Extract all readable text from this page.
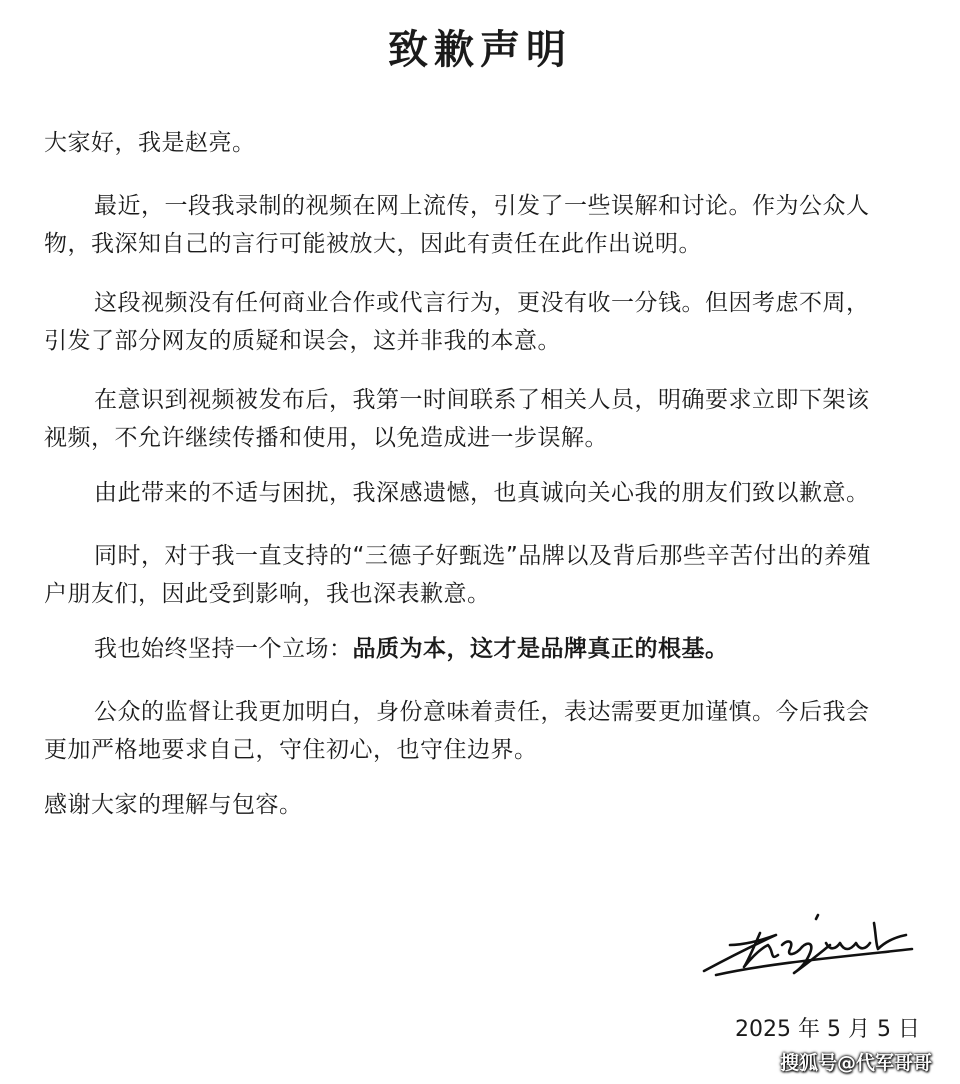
致歉声明
大家好，我是赵亮。
最近，一段我录制的视频在网上流传，引发了一些误解和讨论。作为公众人
物，我深知自己的言行可能被放大，因此有责任在此作出说明。
这段视频没有任何商业合作或代言行为，更没有收一分钱。但因考虑不周，
引发了部分网友的质疑和误会，这并非我的本意。
在意识到视频被发布后，我第一时间联系了相关人员，明确要求立即下架该
视频，不允许继续传播和使用，以免造成进一步误解。
由此带来的不适与困扰，我深感遗憾，也真诚向关心我的朋友们致以歉意。
同时，对于我一直支持的“三德子好甄选”品牌以及背后那些辛苦付出的养殖
户朋友们，因此受到影响，我也深表歉意。
我也始终坚持一个立场：品质为本，这才是品牌真正的根基。
公众的监督让我更加明白，身份意味着责任，表达需要更加谨慎。今后我会
更加严格地要求自己，守住初心，也守住边界。
感谢大家的理解与包容。
2025 年 5 月 5 日
搜狐号@代军哥哥
